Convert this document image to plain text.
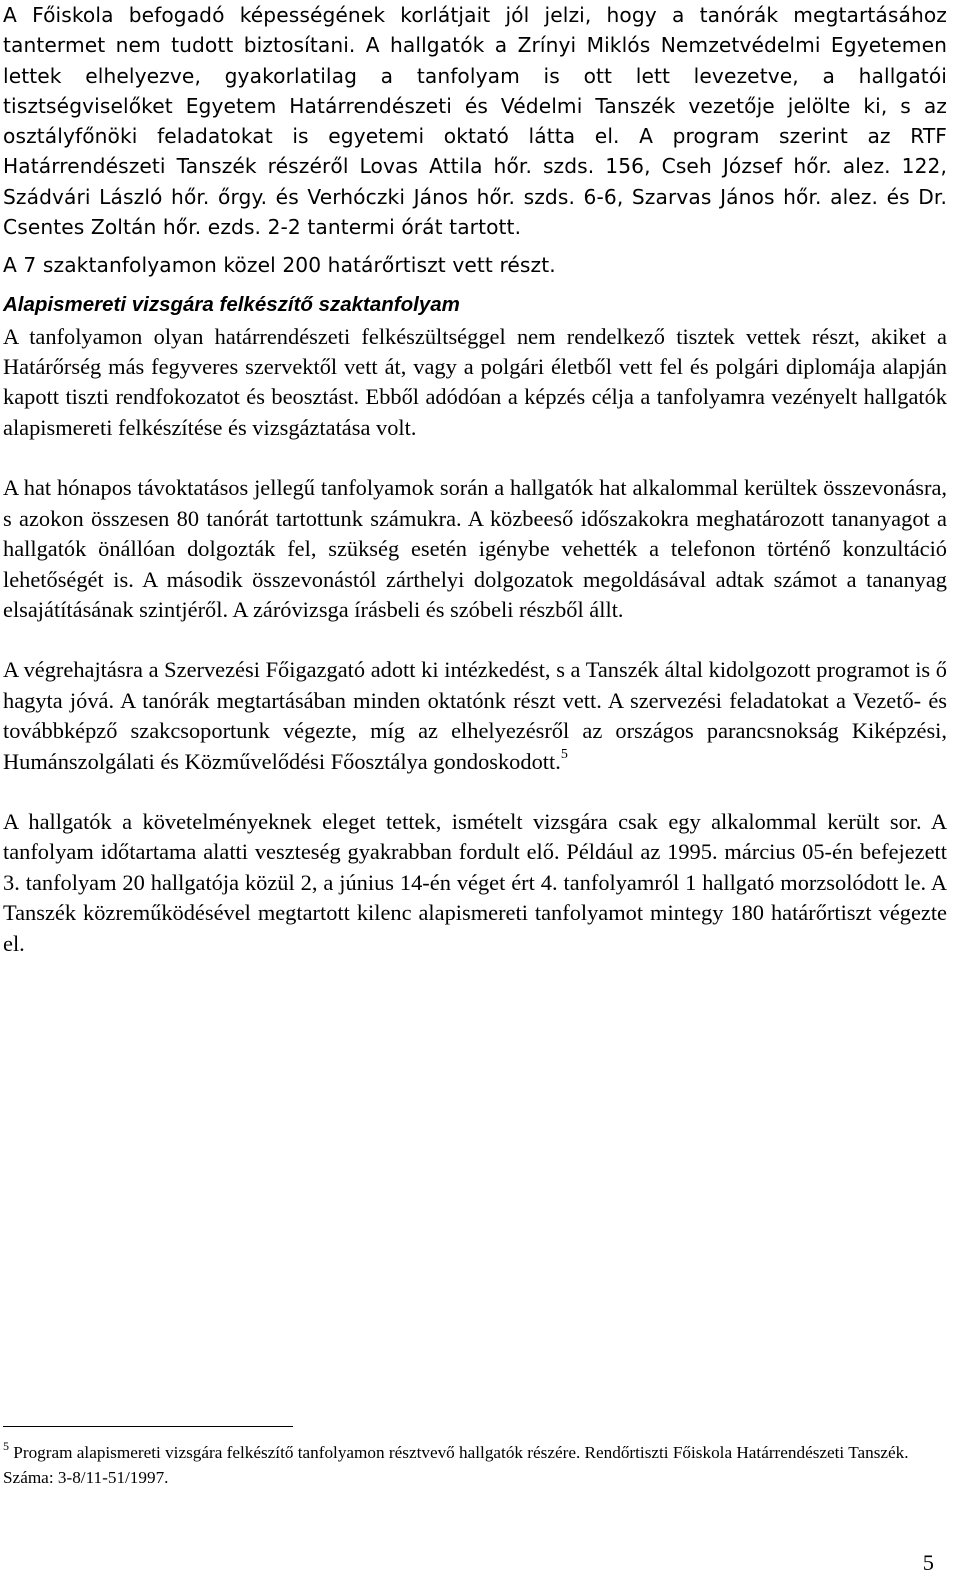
A Főiskola befogadó képességének korlátjait jól jelzi, hogy a tanórák megtartásához tantermet nem tudott biztosítani. A hallgatók a Zrínyi Miklós Nemzetvédelmi Egyetemen lettek elhelyezve, gyakorlatilag a tanfolyam is ott lett levezetve, a hallgatói tisztségviselőket Egyetem Határrendészeti és Védelmi Tanszék vezetője jelölte ki, s az osztályfőnöki feladatokat is egyetemi oktató látta el. A program szerint az RTF Határrendészeti Tanszék részéről Lovas Attila hőr. szds. 156, Cseh József hőr. alez. 122, Szádvári László hőr. őrgy. és Verhóczki János hőr. szds. 6-6, Szarvas János hőr. alez. és Dr. Csentes Zoltán hőr. ezds. 2-2 tantermi órát tartott.

A 7 szaktanfolyamon közel 200 határőrtiszt vett részt.

Alapismereti vizsgára felkészítő szaktanfolyam

A tanfolyamon olyan határrendészeti felkészültséggel nem rendelkező tisztek vettek részt, akiket a Határőrség más fegyveres szervektől vett át, vagy a polgári életből vett fel és polgári diplomája alapján kapott tiszti rendfokozatot és beosztást. Ebből adódóan a képzés célja a tanfolyamra vezényelt hallgatók alapismereti felkészítése és vizsgáztatása volt.

A hat hónapos távoktatásos jellegű tanfolyamok során a hallgatók hat alkalommal kerültek összevonásra, s azokon összesen 80 tanórát tartottunk számukra. A közbeeső időszakokra meghatározott tananyagot a hallgatók önállóan dolgozták fel, szükség esetén igénybe vehették a telefonon történő konzultáció lehetőségét is. A második összevonástól zárthelyi dolgozatok megoldásával adtak számot a tananyag elsajátításának szintjéről. A záróvizsga írásbeli és szóbeli részből állt.

A végrehajtásra a Szervezési Főigazgató adott ki intézkedést, s a Tanszék által kidolgozott programot is ő hagyta jóvá. A tanórák megtartásában minden oktatónk részt vett. A szervezési feladatokat a Vezető- és továbbképző szakcsoportunk végezte, míg az elhelyezésről az országos parancsnokság Kiképzési, Humánszolgálati és Közművelődési Főosztálya gondoskodott.$^5$

A hallgatók a követelményeknek eleget tettek, ismételt vizsgára csak egy alkalommal került sor. A tanfolyam időtartama alatti veszteség gyakrabban fordult elő. Például az 1995. március 05-én befejezett 3. tanfolyam 20 hallgatója közül 2, a június 14-én véget ért 4. tanfolyamról 1 hallgató morzsolódott le. A Tanszék közreműködésével megtartott kilenc alapismereti tanfolyamot mintegy 180 határőrtiszt végezte el.

$^5$ Program alapismereti vizsgára felkészítő tanfolyamon résztvevő hallgatók részére. Rendőrtiszti Főiskola Határrendészeti Tanszék. Száma: 3-8/11-51/1997.
5
